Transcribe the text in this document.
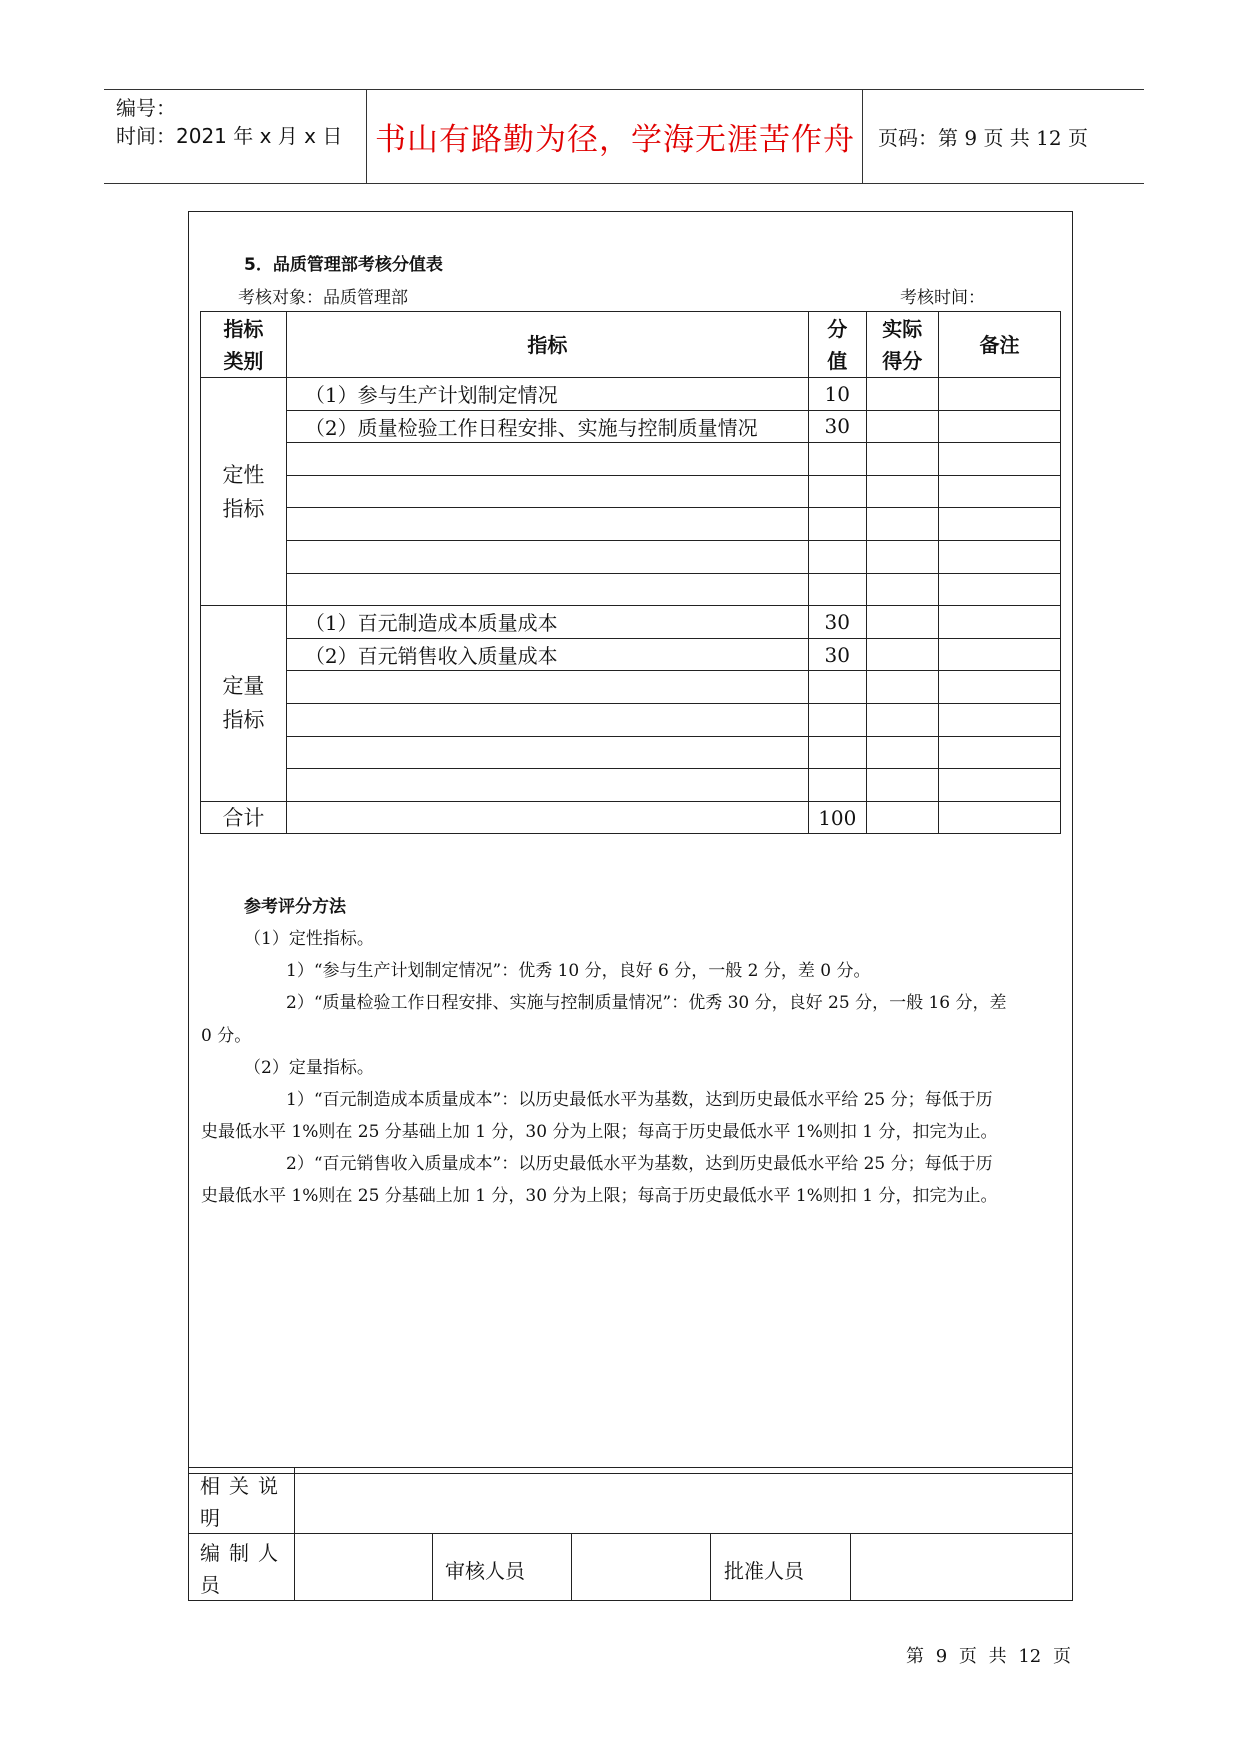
编号：
时间：2021 年 x 月 x 日 书山有路勤为径，学海无涯苦作舟	页码：第 9 页 共 12 页
5．品质管理部考核分值表
考核对象：品质管理部	考核时间：
指标类别	指标	分值	实际得分	备注

定性指标	（1）参与生产计划制定情况	10		
	（2）质量检验工作日程安排、实施与控制质量情况	30		

定量指标	（1）百元制造成本质量成本	30		
	（2）百元销售收入质量成本	30		

合计		100		
参考评分方法
（1）定性指标。
1）“参与生产计划制定情况”：优秀 10 分，良好 6 分，一般 2 分，差 0 分。
2）“质量检验工作日程安排、实施与控制质量情况”：优秀 30 分，良好 25 分，一般 16 分，差
0 分。
（2）定量指标。
1）“百元制造成本质量成本”：以历史最低水平为基数，达到历史最低水平给 25 分；每低于历
史最低水平 1%则在 25 分基础上加 1 分，30 分为上限；每高于历史最低水平 1%则扣 1 分，扣完为止。
2）“百元销售收入质量成本”：以历史最低水平为基数，达到历史最低水平给 25 分；每低于历
史最低水平 1%则在 25 分基础上加 1 分，30 分为上限；每高于历史最低水平 1%则扣 1 分，扣完为止。
相关说明
编制人员
审核人员	批准人员
第 9 页 共 12 页
